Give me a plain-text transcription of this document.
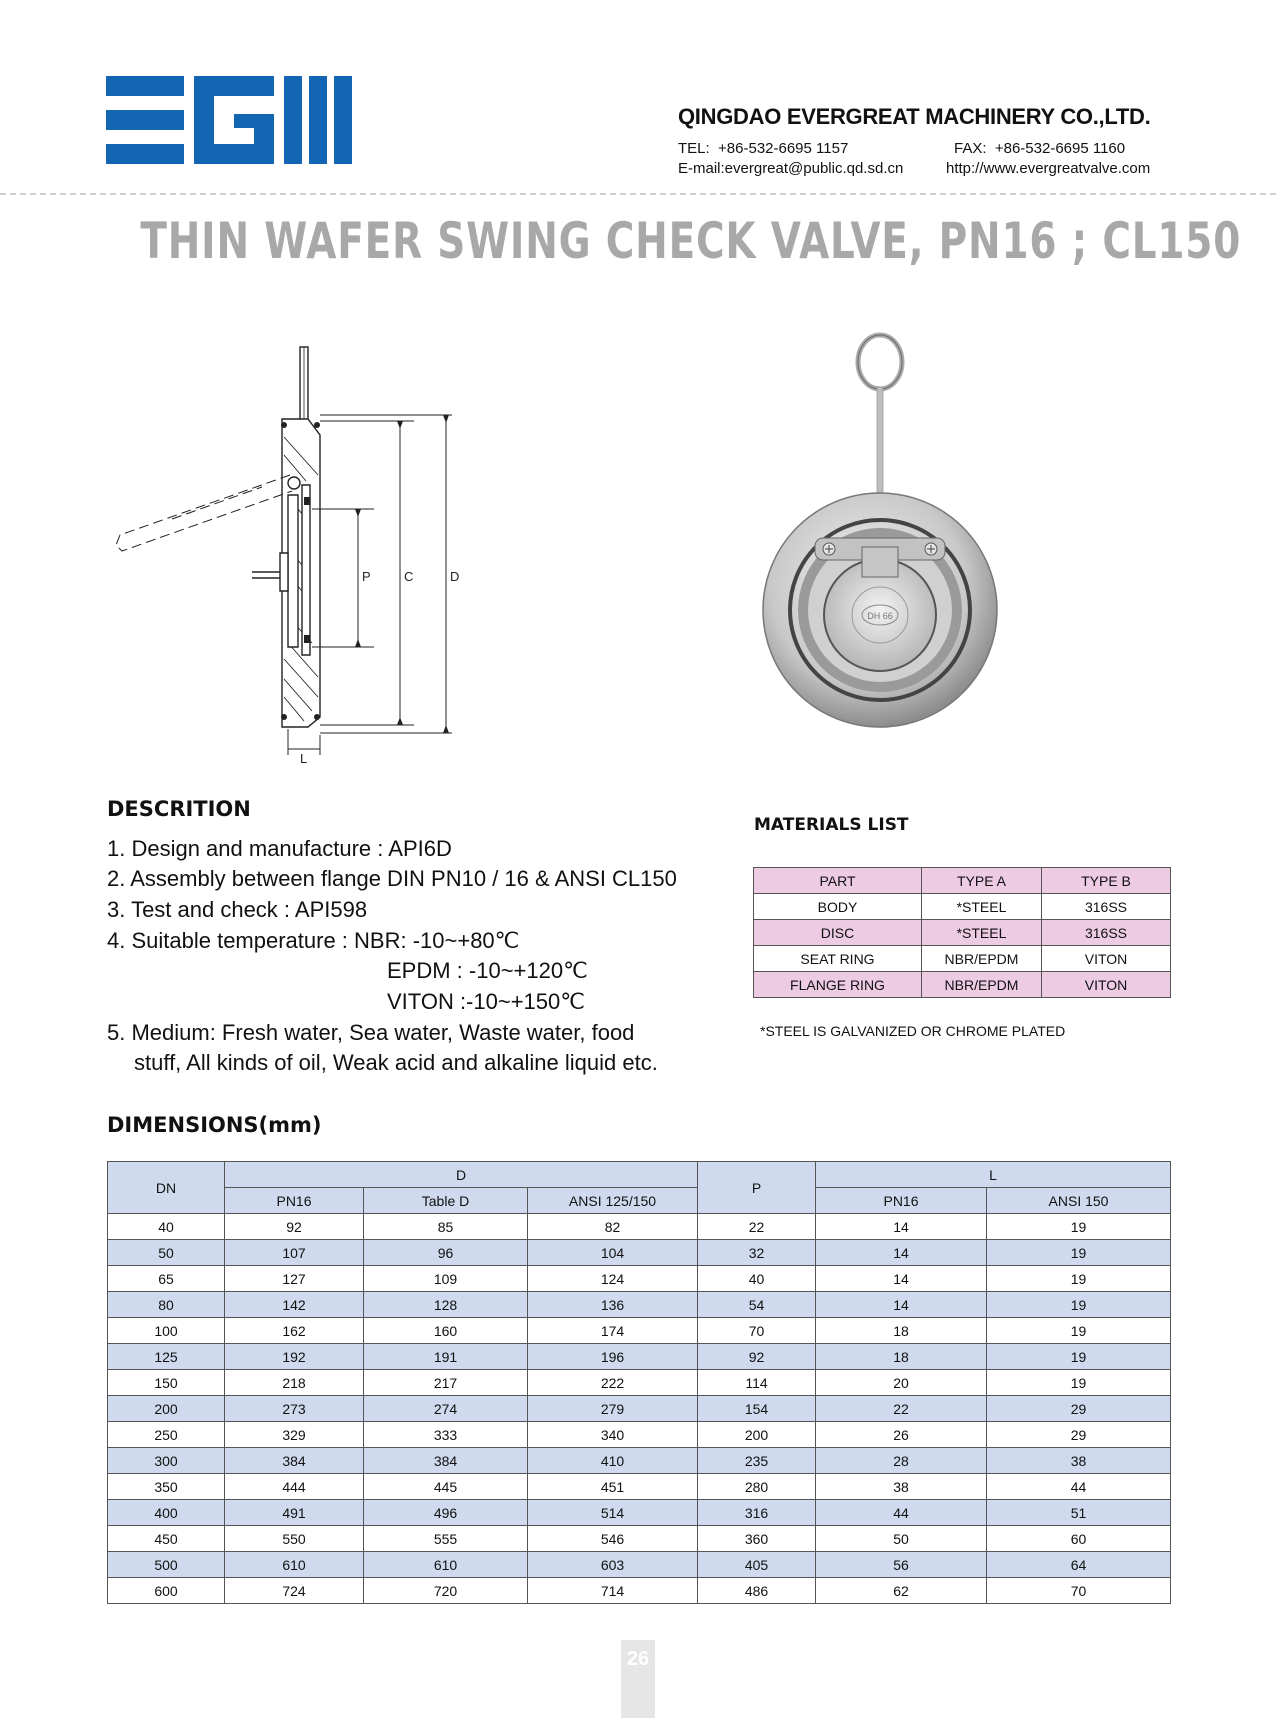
QINGDAO EVERGREAT MACHINERY CO.,LTD.
TEL: +86-532-6695 1157	FAX: +86-532-6695 1160
E-mail:evergreat@public.qd.sd.cn	http://www.evergreatvalve.com
THIN WAFER SWING CHECK VALVE, PN16 ; CL150
P	C	D
L
DH 66
DESCRITION
1. Design and manufacture : API6D
2. Assembly between flange DIN PN10 / 16 & ANSI CL150
3. Test and check : API598
4. Suitable temperature : NBR: -10~+80℃
EPDM : -10~+120℃
VITON :-10~+150℃
5. Medium: Fresh water, Sea water, Waste water, food
stuff, All kinds of oil, Weak acid and alkaline liquid etc.
MATERIALS LIST
PART	TYPE A	TYPE B
BODY	*STEEL	316SS
DISC	*STEEL	316SS
SEAT RING	NBR/EPDM	VITON
FLANGE RING	NBR/EPDM	VITON
*STEEL IS GALVANIZED OR CHROME PLATED
DIMENSIONS(mm)
DN	D			P	L	
	PN16	Table D	ANSI 125/150		PN16	ANSI 150
40	92	85	82	22	14	19
50	107	96	104	32	14	19
65	127	109	124	40	14	19
80	142	128	136	54	14	19
100	162	160	174	70	18	19
125	192	191	196	92	18	19
150	218	217	222	114	20	19
200	273	274	279	154	22	29
250	329	333	340	200	26	29
300	384	384	410	235	28	38
350	444	445	451	280	38	44
400	491	496	514	316	44	51
450	550	555	546	360	50	60
500	610	610	603	405	56	64
600	724	720	714	486	62	70
26
